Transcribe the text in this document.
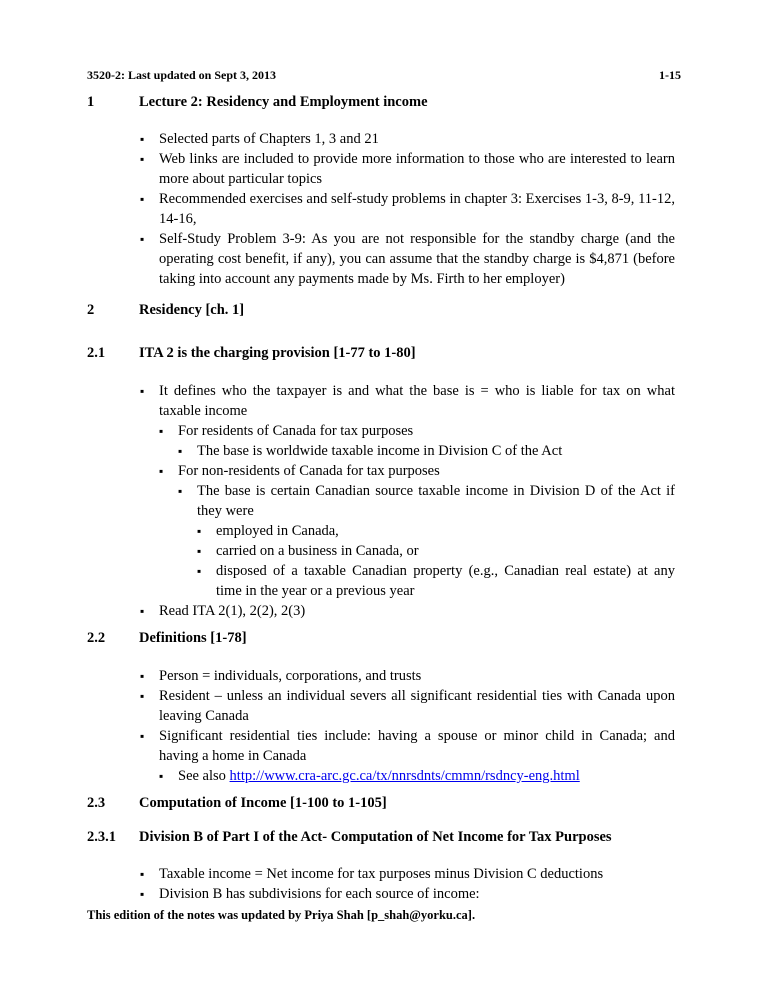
3520-2: Last updated on Sept 3, 2013	1-15
1	Lecture 2: Residency and Employment income
▪ Selected parts of Chapters 1, 3 and 21
▪ Web links are included to provide more information to those who are interested to learn more about particular topics
▪ Recommended exercises and self-study problems in chapter 3: Exercises 1-3, 8-9, 11-12, 14-16,
▪ Self-Study Problem 3-9: As you are not responsible for the standby charge (and the operating cost benefit, if any), you can assume that the standby charge is $4,871 (before taking into account any payments made by Ms. Firth to her employer)
2	Residency [ch. 1]
2.1 ITA 2 is the charging provision [1-77 to 1-80]
▪ It defines who the taxpayer is and what the base is = who is liable for tax on what taxable income
▪ For residents of Canada for tax purposes
▪ The base is worldwide taxable income in Division C of the Act
▪ For non-residents of Canada for tax purposes
▪ The base is certain Canadian source taxable income in Division D of the Act if they were
▪ employed in Canada,
▪ carried on a business in Canada, or
▪ disposed of a taxable Canadian property (e.g., Canadian real estate) at any time in the year or a previous year
▪ Read ITA 2(1), 2(2), 2(3)
2.2 Definitions [1-78]
▪ Person = individuals, corporations, and trusts
▪ Resident – unless an individual severs all significant residential ties with Canada upon leaving Canada
▪ Significant residential ties include: having a spouse or minor child in Canada; and having a home in Canada
▪ See also http://www.cra-arc.gc.ca/tx/nnrsdnts/cmmn/rsdncy-eng.html
2.3 Computation of Income [1-100 to 1-105]
2.3.1 Division B of Part I of the Act- Computation of Net Income for Tax Purposes
▪ Taxable income = Net income for tax purposes minus Division C deductions
▪ Division B has subdivisions for each source of income:
This edition of the notes was updated by Priya Shah [p_shah@yorku.ca].
